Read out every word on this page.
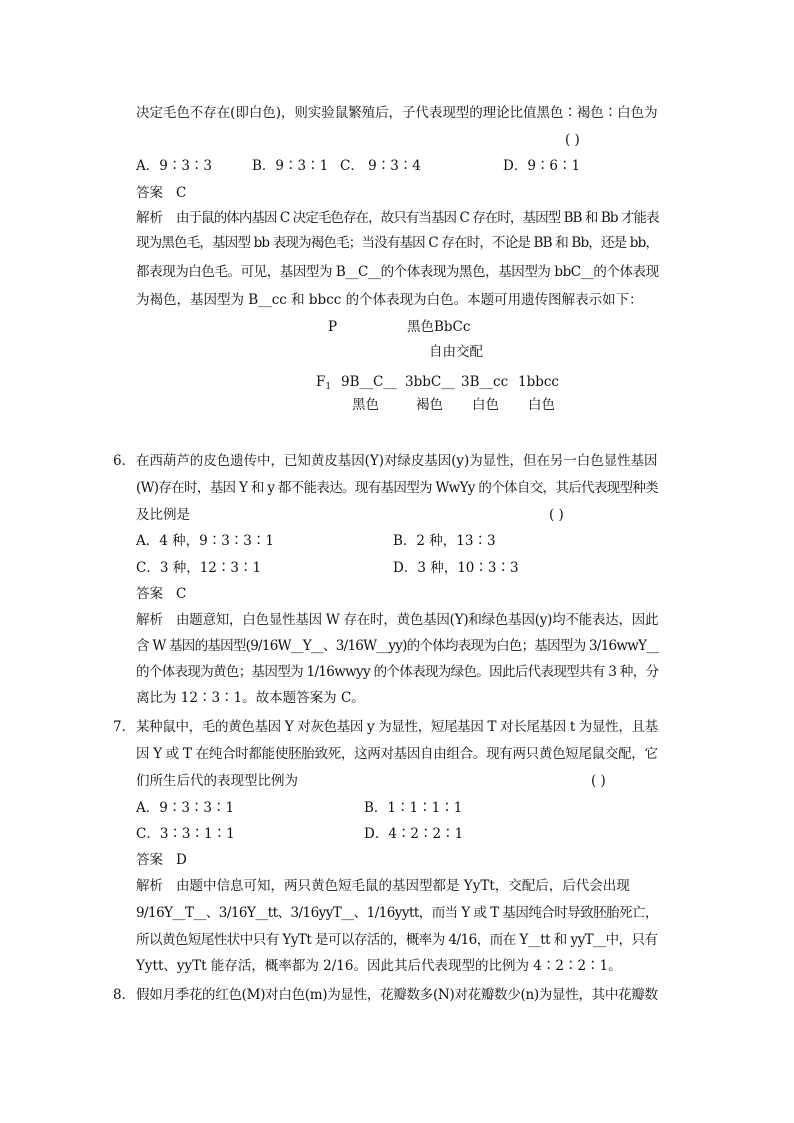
决定毛色不存在(即白色)，则实验鼠繁殖后，子代表现型的理论比值黑色∶褐色∶白色为
( )
A．9∶3∶3	B．9∶3∶1 C． 9∶3∶4	D．9∶6∶1
答案 C
解析 由于鼠的体内基因 C 决定毛色存在，故只有当基因 C 存在时，基因型 BB 和 Bb 才能表
现为黑色毛，基因型 bb 表现为褐色毛；当没有基因 C 存在时，不论是 BB 和 Bb，还是 bb，
都表现为白色毛。可见，基因型为 B__C__的个体表现为黑色，基因型为 bbC__的个体表现
为褐色，基因型为 B__cc 和 bbcc 的个体表现为白色。本题可用遗传图解表示如下：
P	黑色BbCc
自由交配
$F_1$ 9B__C__ 3bbC__ 3B__cc 1bbcc
黑色	褐色 白色 白色
6． 在西葫芦的皮色遗传中，已知黄皮基因(Y)对绿皮基因(y)为显性，但在另一白色显性基因
(W)存在时，基因 Y 和 y 都不能表达。现有基因型为 WwYy 的个体自交，其后代表现型种类
及比例是	( )
A．4 种，9∶3∶3∶1	B．2 种，13∶3
C．3 种，12∶3∶1	D．3 种，10∶3∶3
答案 C
解析 由题意知，白色显性基因 W 存在时，黄色基因(Y)和绿色基因(y)均不能表达，因此
含 W 基因的基因型(9/16W__Y__、3/16W__yy)的个体均表现为白色；基因型为 3/16wwY__
的个体表现为黄色；基因型为 1/16wwyy 的个体表现为绿色。因此后代表现型共有 3 种，分
离比为 12∶3∶1。故本题答案为 C。
7． 某种鼠中，毛的黄色基因 Y 对灰色基因 y 为显性，短尾基因 T 对长尾基因 t 为显性，且基
因 Y 或 T 在纯合时都能使胚胎致死，这两对基因自由组合。现有两只黄色短尾鼠交配，它
们所生后代的表现型比例为	( )
A．9∶3∶3∶1	B．1∶1∶1∶1
C．3∶3∶1∶1	D．4∶2∶2∶1
答案 D
解析 由题中信息可知，两只黄色短毛鼠的基因型都是 YyTt，交配后，后代会出现
9/16Y__T__、3/16Y__tt、3/16yyT__、1/16yytt，而当 Y 或 T 基因纯合时导致胚胎死亡，
所以黄色短尾性状中只有 YyTt 是可以存活的，概率为 4/16，而在 Y__tt 和 yyT__中，只有
Yytt、yyTt 能存活，概率都为 2/16。因此其后代表现型的比例为 4∶2∶2∶1。
8． 假如月季花的红色(M)对白色(m)为显性，花瓣数多(N)对花瓣数少(n)为显性，其中花瓣数
